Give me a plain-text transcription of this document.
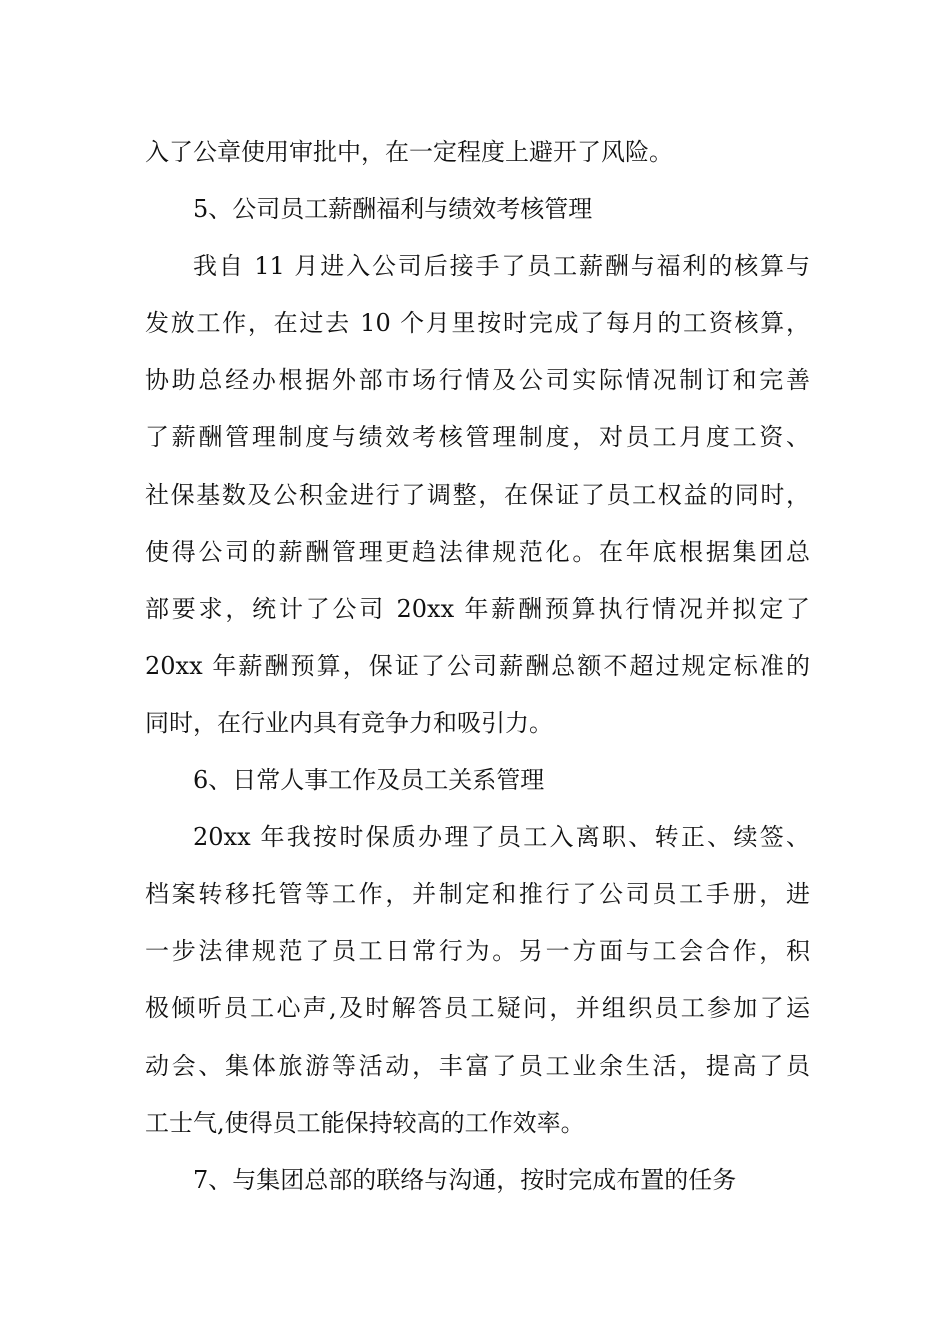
入了公章使用审批中，在一定程度上避开了风险。
5、公司员工薪酬福利与绩效考核管理
我自 11 月进入公司后接手了员工薪酬与福利的核算与
发放工作，在过去 10 个月里按时完成了每月的工资核算，
协助总经办根据外部市场行情及公司实际情况制订和完善
了薪酬管理制度与绩效考核管理制度，对员工月度工资、
社保基数及公积金进行了调整，在保证了员工权益的同时，
使得公司的薪酬管理更趋法律规范化。在年底根据集团总
部要求，统计了公司 20xx 年薪酬预算执行情况并拟定了
20xx 年薪酬预算，保证了公司薪酬总额不超过规定标准的
同时，在行业内具有竞争力和吸引力。
6、日常人事工作及员工关系管理
20xx 年我按时保质办理了员工入离职、转正、续签、
档案转移托管等工作，并制定和推行了公司员工手册，进
一步法律规范了员工日常行为。另一方面与工会合作，积
极倾听员工心声,及时解答员工疑问，并组织员工参加了运
动会、集体旅游等活动，丰富了员工业余生活，提高了员
工士气,使得员工能保持较高的工作效率。
7、与集团总部的联络与沟通，按时完成布置的任务
